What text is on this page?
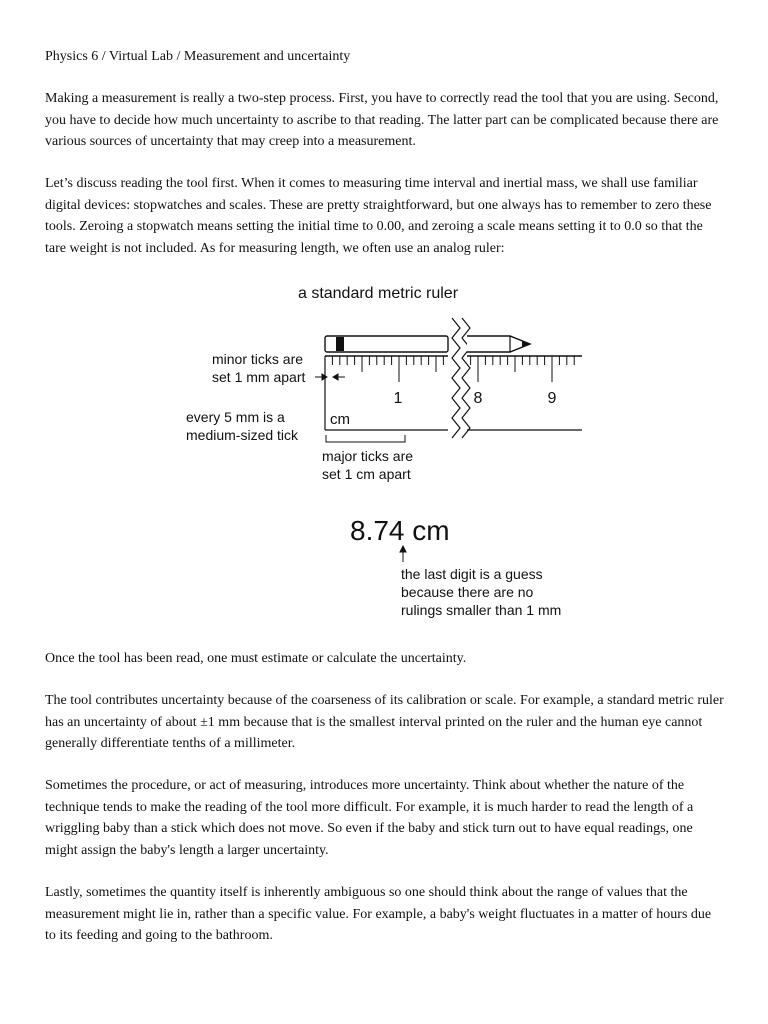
Physics 6 / Virtual Lab / Measurement and uncertainty

Making a measurement is really a two-step process. First, you have to correctly read the tool that you are using. Second, you have to decide how much uncertainty to ascribe to that reading. The latter part can be complicated because there are various sources of uncertainty that may creep into a measurement.

Let’s discuss reading the tool first. When it comes to measuring time interval and inertial mass, we shall use familiar digital devices: stopwatches and scales. These are pretty straightforward, but one always has to remember to zero these tools. Zeroing a stopwatch means setting the initial time to 0.00, and zeroing a scale means setting it to 0.0 so that the tare weight is not included. As for measuring length, we often use an analog ruler:

a standard metric ruler
1	8	9
cm
minor ticks are
set 1 mm apart
every 5 mm is a
medium-sized tick
major ticks are
set 1 cm apart
8.74 cm
the last digit is a guess
because there are no
rulings smaller than 1 mm

Once the tool has been read, one must estimate or calculate the uncertainty.

The tool contributes uncertainty because of the coarseness of its calibration or scale. For example, a standard metric ruler has an uncertainty of about ±1 mm because that is the smallest interval printed on the ruler and the human eye cannot generally differentiate tenths of a millimeter.

Sometimes the procedure, or act of measuring, introduces more uncertainty. Think about whether the nature of the technique tends to make the reading of the tool more difficult. For example, it is much harder to read the length of a wriggling baby than a stick which does not move. So even if the baby and stick turn out to have equal readings, one might assign the baby's length a larger uncertainty.

Lastly, sometimes the quantity itself is inherently ambiguous so one should think about the range of values that the measurement might lie in, rather than a specific value. For example, a baby's weight fluctuates in a matter of hours due to its feeding and going to the bathroom.
